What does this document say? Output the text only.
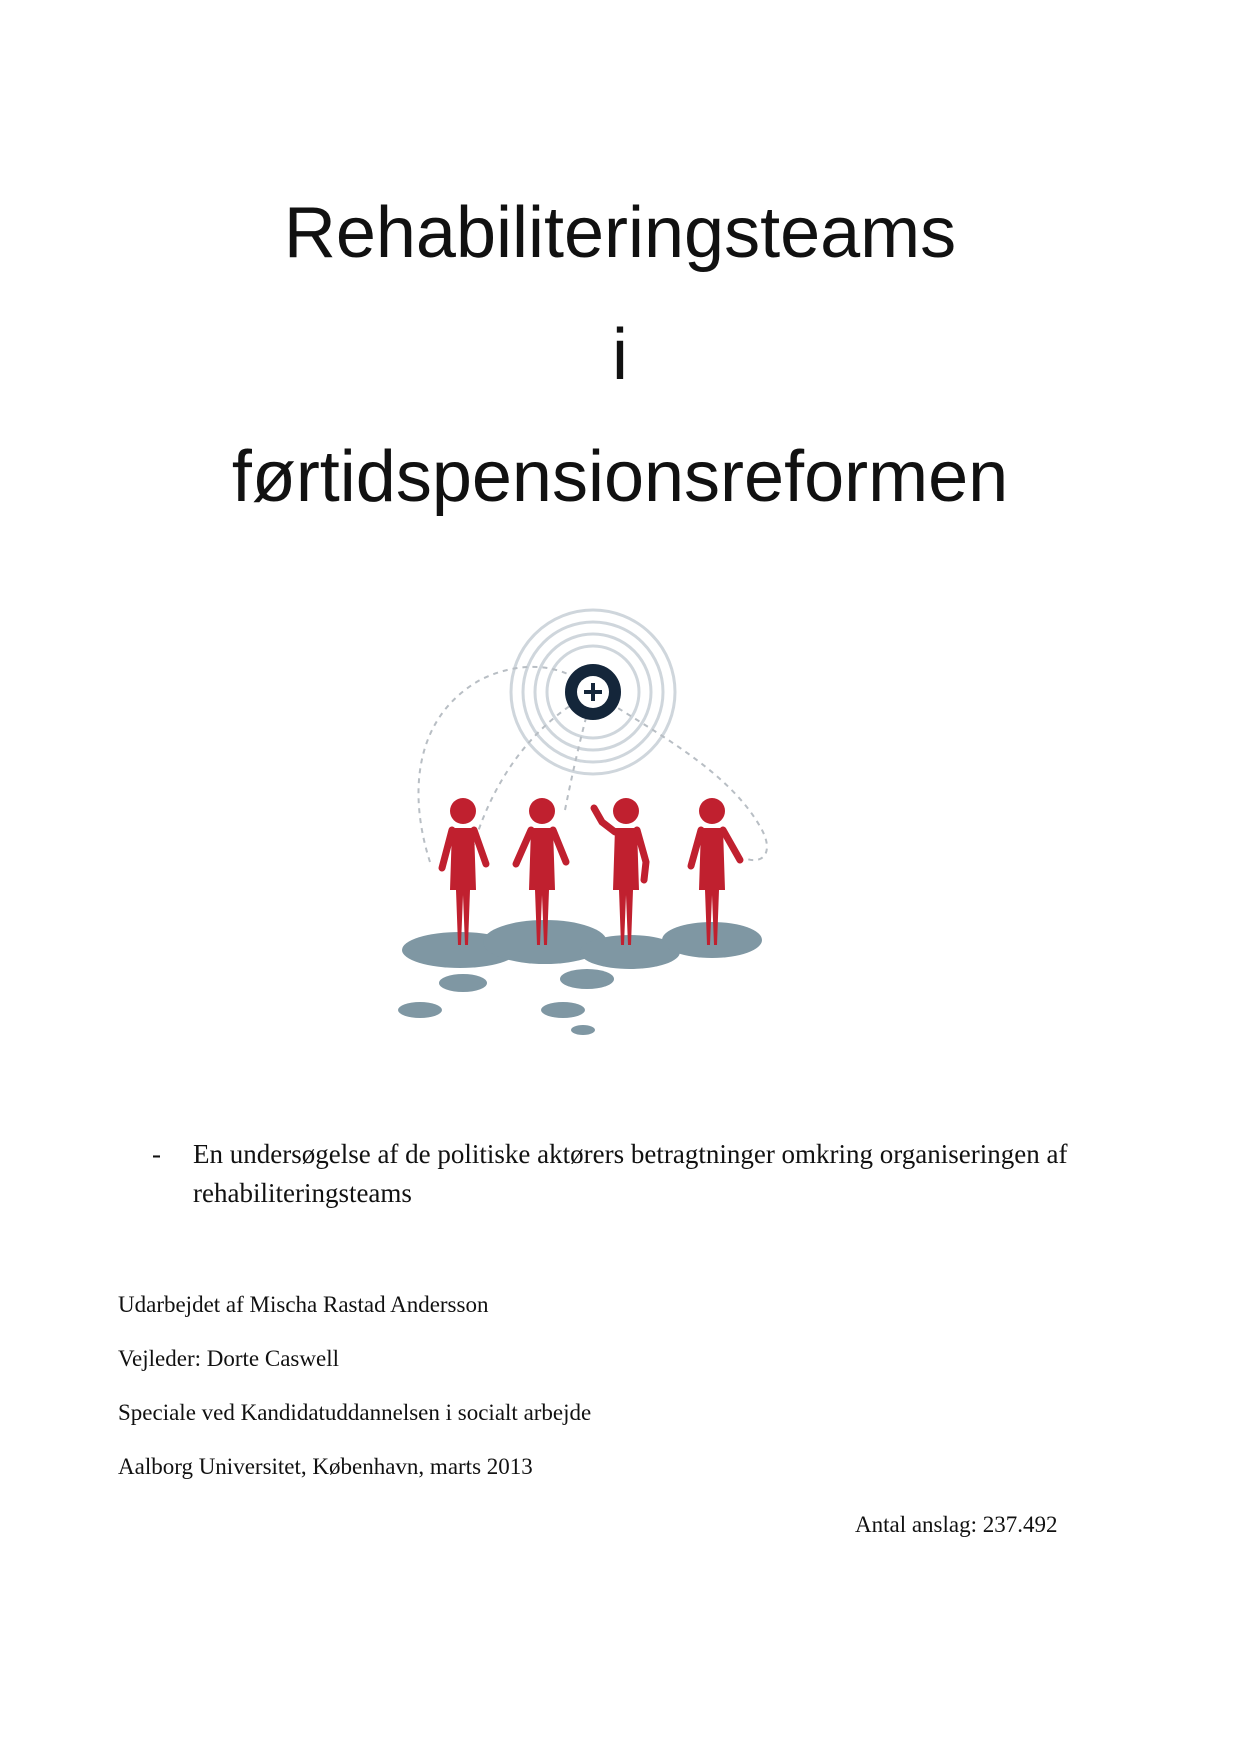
Rehabiliteringsteams
i
førtidspensionsreformen
- En undersøgelse af de politiske aktørers betragtninger omkring organiseringen af rehabiliteringsteams

Udarbejdet af Mischa Rastad Andersson

Vejleder: Dorte Caswell

Speciale ved Kandidatuddannelsen i socialt arbejde

Aalborg Universitet, København, marts 2013

Antal anslag: 237.492
